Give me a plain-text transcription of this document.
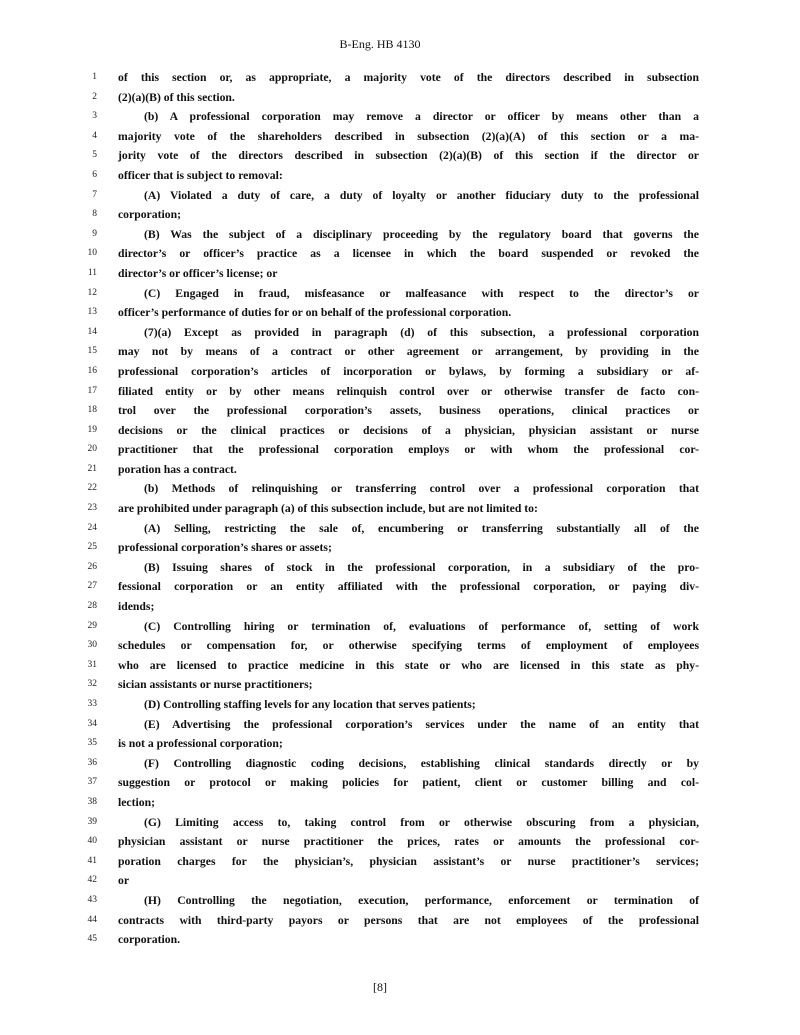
B-Eng. HB 4130
1 of this section or, as appropriate, a majority vote of the directors described in subsection
2 (2)(a)(B) of this section.
3	(b) A professional corporation may remove a director or officer by means other than a
4 majority vote of the shareholders described in subsection (2)(a)(A) of this section or a ma-
5 jority vote of the directors described in subsection (2)(a)(B) of this section if the director or
6 officer that is subject to removal:
7	(A) Violated a duty of care, a duty of loyalty or another fiduciary duty to the professional
8 corporation;
9	(B) Was the subject of a disciplinary proceeding by the regulatory board that governs the
10 director’s or officer’s practice as a licensee in which the board suspended or revoked the
11 director’s or officer’s license; or
12	(C) Engaged in fraud, misfeasance or malfeasance with respect to the director’s or
13 officer’s performance of duties for or on behalf of the professional corporation.
14	(7)(a) Except as provided in paragraph (d) of this subsection, a professional corporation
15 may not by means of a contract or other agreement or arrangement, by providing in the
16 professional corporation’s articles of incorporation or bylaws, by forming a subsidiary or af-
17 filiated entity or by other means relinquish control over or otherwise transfer de facto con-
18 trol over the professional corporation’s assets, business operations, clinical practices or
19 decisions or the clinical practices or decisions of a physician, physician assistant or nurse
20 practitioner that the professional corporation employs or with whom the professional cor-
21 poration has a contract.
22	(b) Methods of relinquishing or transferring control over a professional corporation that
23 are prohibited under paragraph (a) of this subsection include, but are not limited to:
24	(A) Selling, restricting the sale of, encumbering or transferring substantially all of the
25 professional corporation’s shares or assets;
26	(B) Issuing shares of stock in the professional corporation, in a subsidiary of the pro-
27 fessional corporation or an entity affiliated with the professional corporation, or paying div-
28 idends;
29	(C) Controlling hiring or termination of, evaluations of performance of, setting of work
30 schedules or compensation for, or otherwise specifying terms of employment of employees
31 who are licensed to practice medicine in this state or who are licensed in this state as phy-
32 sician assistants or nurse practitioners;
33	(D) Controlling staffing levels for any location that serves patients;
34	(E) Advertising the professional corporation’s services under the name of an entity that
35 is not a professional corporation;
36	(F) Controlling diagnostic coding decisions, establishing clinical standards directly or by
37 suggestion or protocol or making policies for patient, client or customer billing and col-
38 lection;
39	(G) Limiting access to, taking control from or otherwise obscuring from a physician,
40 physician assistant or nurse practitioner the prices, rates or amounts the professional cor-
41 poration charges for the physician’s, physician assistant’s or nurse practitioner’s services;
42 or
43	(H) Controlling the negotiation, execution, performance, enforcement or termination of
44 contracts with third-party payors or persons that are not employees of the professional
45 corporation.
[8]
